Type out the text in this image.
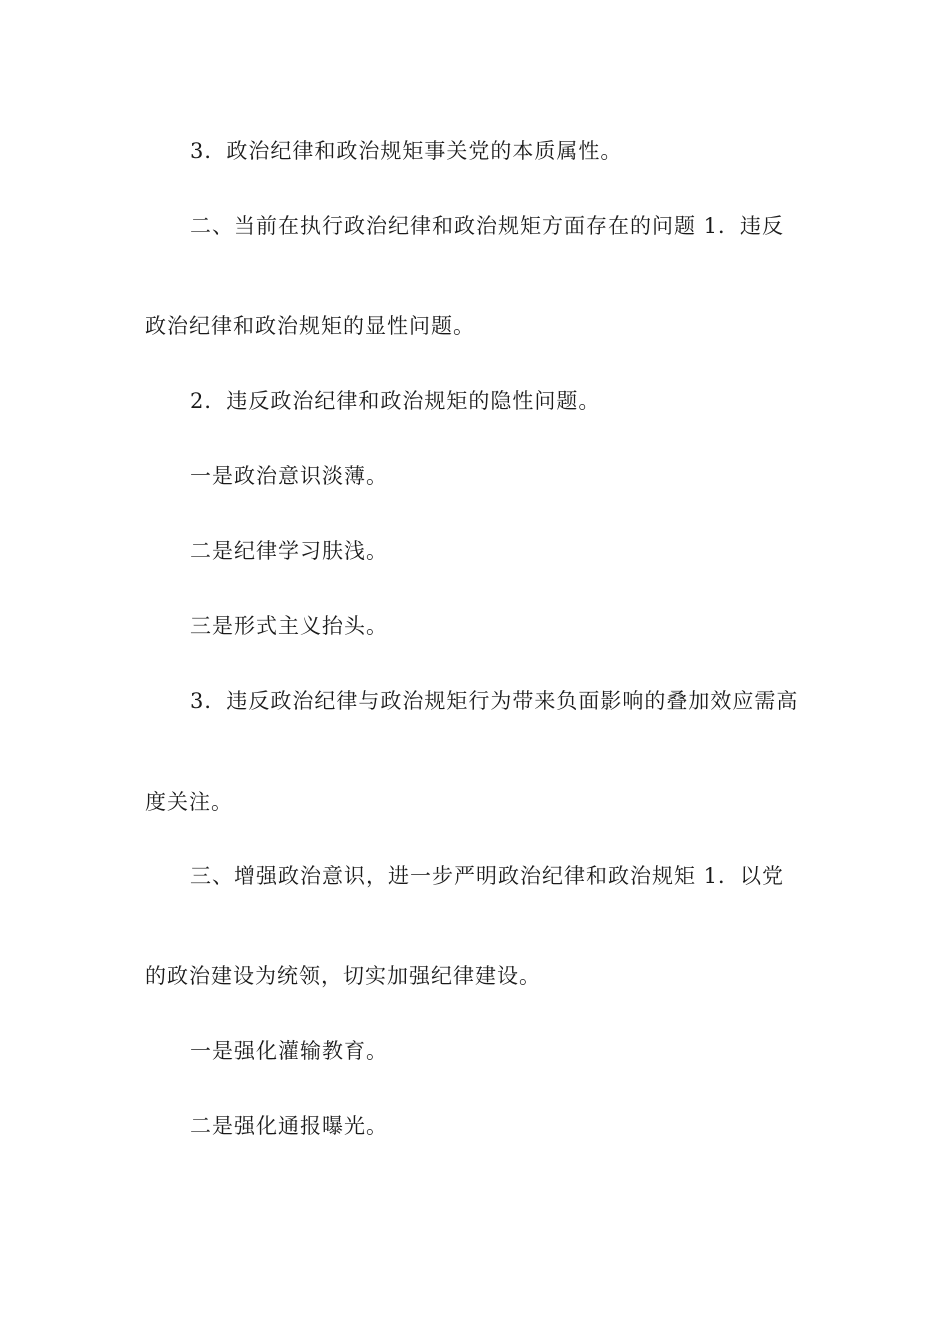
3．政治纪律和政治规矩事关党的本质属性。
二、当前在执行政治纪律和政治规矩方面存在的问题 1．违反
政治纪律和政治规矩的显性问题。
2．违反政治纪律和政治规矩的隐性问题。
一是政治意识淡薄。
二是纪律学习肤浅。
三是形式主义抬头。
3．违反政治纪律与政治规矩行为带来负面影响的叠加效应需高
度关注。
三、增强政治意识，进一步严明政治纪律和政治规矩 1．以党
的政治建设为统领，切实加强纪律建设。
一是强化灌输教育。
二是强化通报曝光。
